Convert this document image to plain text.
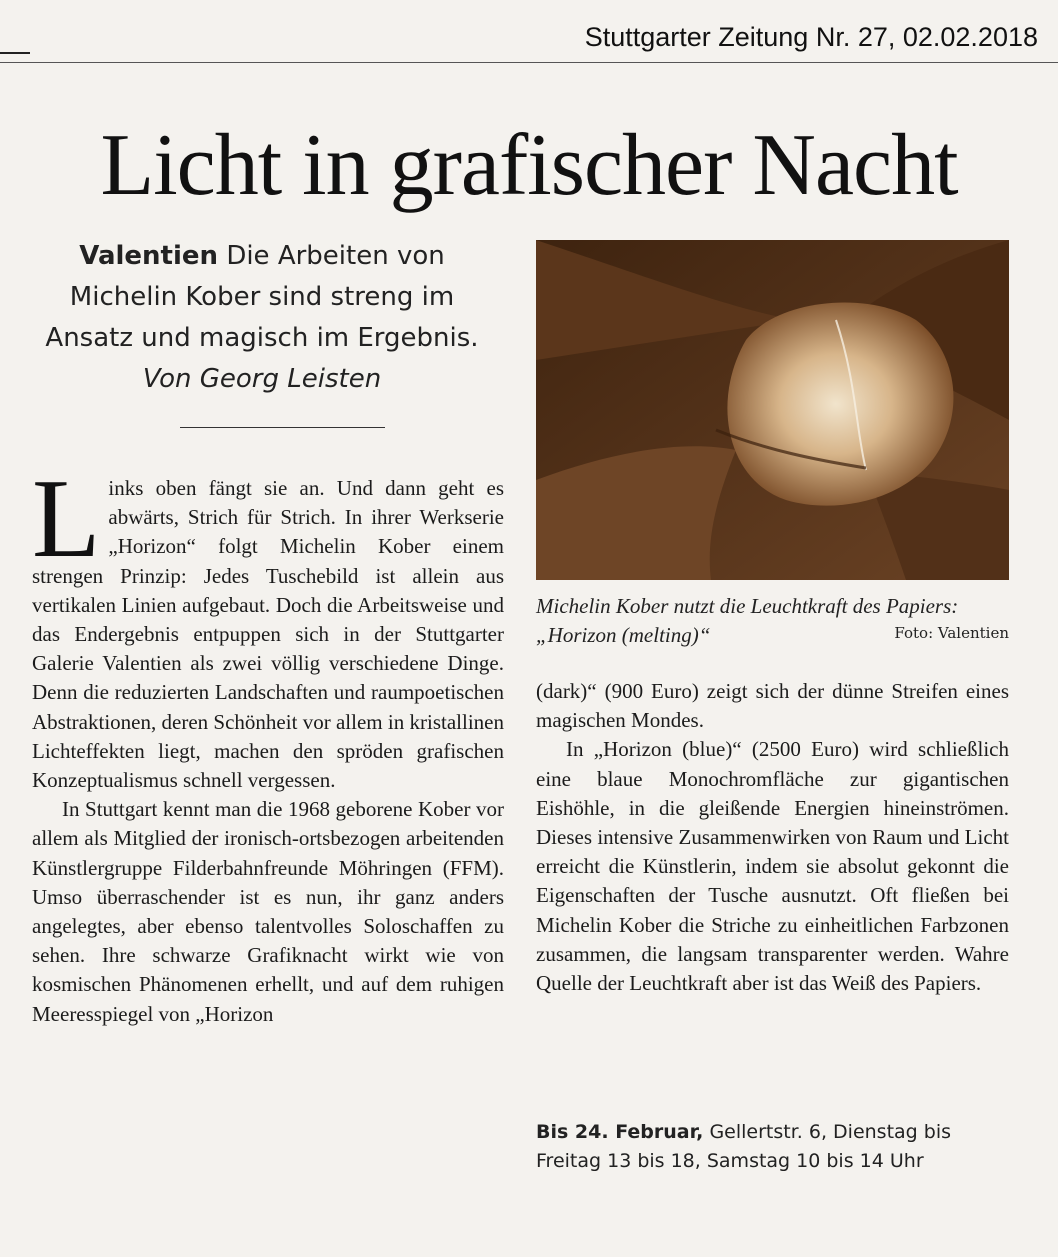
Stuttgarter Zeitung Nr. 27, 02.02.2018
Licht in grafischer Nacht
Valentien Die Arbeiten von Michelin Kober sind streng im Ansatz und magisch im Ergebnis.
Von Georg Leisten

Links oben fängt sie an. Und dann geht es abwärts, Strich für Strich. In ihrer Werkserie „Horizon“ folgt Michelin Kober einem strengen Prinzip: Jedes Tuschebild ist allein aus vertikalen Linien aufgebaut. Doch die Arbeitsweise und das Endergebnis entpuppen sich in der Stuttgarter Galerie Valentien als zwei völlig verschiedene Dinge. Denn die reduzierten Landschaften und raumpoetischen Abstraktionen, deren Schönheit vor allem in kristallinen Lichteffekten liegt, machen den spröden grafischen Konzeptualismus schnell vergessen.

In Stuttgart kennt man die 1968 geborene Kober vor allem als Mitglied der ironisch-ortsbezogen arbeitenden Künstlergruppe Filderbahnfreunde Möhringen (FFM). Umso überraschender ist es nun, ihr ganz anders angelegtes, aber ebenso talentvolles Soloschaffen zu sehen. Ihre schwarze Grafiknacht wirkt wie von kosmischen Phänomenen erhellt, und auf dem ruhigen Meeresspiegel von „Horizon

Michelin Kober nutzt die Leuchtkraft des Papiers: „Horizon (melting)“	Foto: Valentien

(dark)“ (900 Euro) zeigt sich der dünne Streifen eines magischen Mondes.

In „Horizon (blue)“ (2500 Euro) wird schließlich eine blaue Monochromfläche zur gigantischen Eishöhle, in die gleißende Energien hineinströmen. Dieses intensive Zusammenwirken von Raum und Licht erreicht die Künstlerin, indem sie absolut gekonnt die Eigenschaften der Tusche ausnutzt. Oft fließen bei Michelin Kober die Striche zu einheitlichen Farbzonen zusammen, die langsam transparenter werden. Wahre Quelle der Leuchtkraft aber ist das Weiß des Papiers.

Bis 24. Februar, Gellertstr. 6, Dienstag bis Freitag 13 bis 18, Samstag 10 bis 14 Uhr
